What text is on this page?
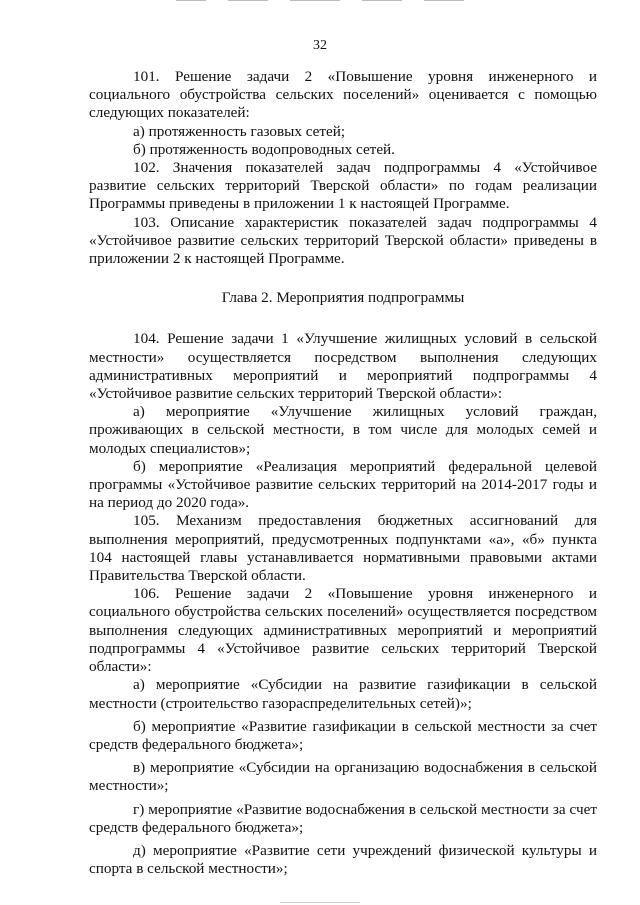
32

101. Решение задачи 2 «Повышение уровня инженерного и социального обустройства сельских поселений» оценивается с помощью следующих показателей:

а) протяженность газовых сетей;

б) протяженность водопроводных сетей.

102. Значения показателей задач подпрограммы 4 «Устойчивое развитие сельских территорий Тверской области» по годам реализации Программы приведены в приложении 1 к настоящей Программе.

103. Описание характеристик показателей задач подпрограммы 4 «Устойчивое развитие сельских территорий Тверской области» приведены в приложении 2 к настоящей Программе.

Глава 2. Мероприятия подпрограммы

104. Решение задачи 1 «Улучшение жилищных условий в сельской местности» осуществляется посредством выполнения следующих административных мероприятий и мероприятий подпрограммы 4 «Устойчивое развитие сельских территорий Тверской области»:

а) мероприятие «Улучшение жилищных условий граждан, проживающих в сельской местности, в том числе для молодых семей и молодых специалистов»;

б) мероприятие «Реализация мероприятий федеральной целевой программы «Устойчивое развитие сельских территорий на 2014-2017 годы и на период до 2020 года».

105. Механизм предоставления бюджетных ассигнований для выполнения мероприятий, предусмотренных подпунктами «а», «б» пункта 104 настоящей главы устанавливается нормативными правовыми актами Правительства Тверской области.

106. Решение задачи 2 «Повышение уровня инженерного и социального обустройства сельских поселений» осуществляется посредством выполнения следующих административных мероприятий и мероприятий подпрограммы 4 «Устойчивое развитие сельских территорий Тверской области»:

а) мероприятие «Субсидии на развитие газификации в сельской местности (строительство газораспределительных сетей)»;

б) мероприятие «Развитие газификации в сельской местности за счет средств федерального бюджета»;

в) мероприятие «Субсидии на организацию водоснабжения в сельской местности»;

г) мероприятие «Развитие водоснабжения в сельской местности за счет средств федерального бюджета»;

д) мероприятие «Развитие сети учреждений физической культуры и спорта в сельской местности»;
